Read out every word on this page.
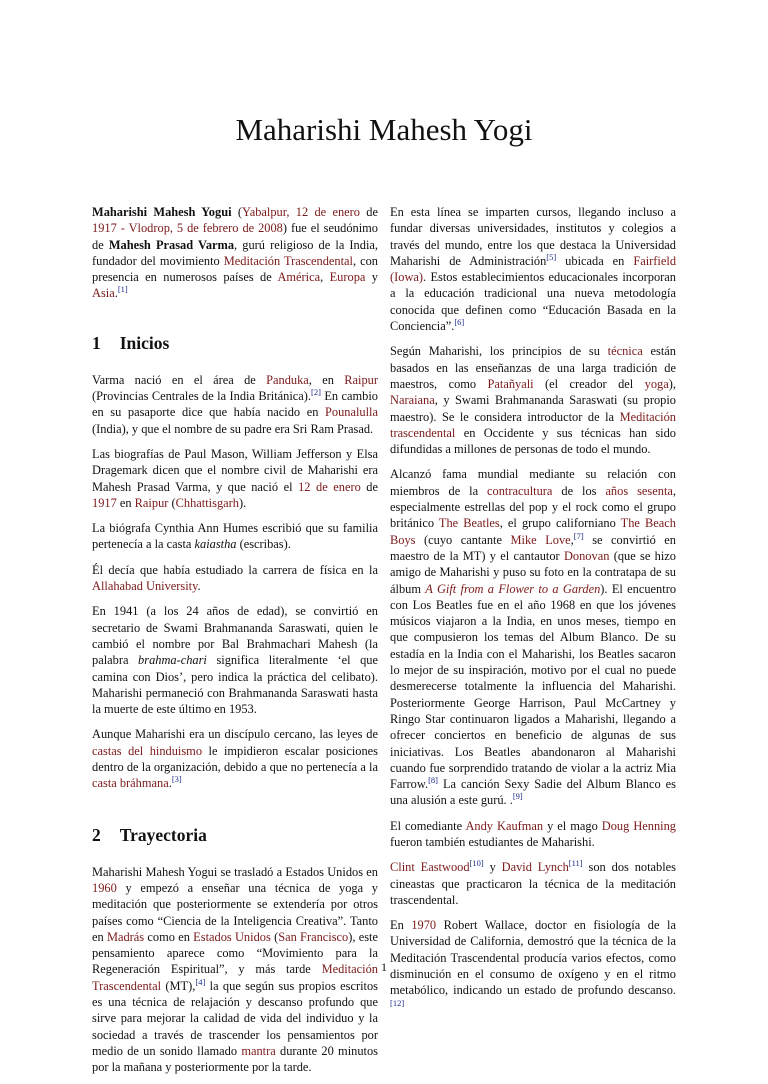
Maharishi Mahesh Yogi

Maharishi Mahesh Yogui (Yabalpur, 12 de enero de 1917 - Vlodrop, 5 de febrero de 2008) fue el seudónimo de Mahesh Prasad Varma, gurú religioso de la India, fundador del movimiento Meditación Trascendental, con presencia en numerosos países de América, Europa y Asia.[1]

1 Inicios

Varma nació en el área de Panduka, en Raipur (Provincias Centrales de la India Británica).[2] En cambio en su pasaporte dice que había nacido en Pounalulla (India), y que el nombre de su padre era Sri Ram Prasad.

Las biografías de Paul Mason, William Jefferson y Elsa Dragemark dicen que el nombre civil de Maharishi era Mahesh Prasad Varma, y que nació el 12 de enero de 1917 en Raipur (Chhattisgarh).

La biógrafa Cynthia Ann Humes escribió que su familia pertenecía a la casta kaiastha (escribas).

Él decía que había estudiado la carrera de física en la Allahabad University.

En 1941 (a los 24 años de edad), se convirtió en secretario de Swami Brahmananda Saraswati, quien le cambió el nombre por Bal Brahmachari Mahesh (la palabra brahma-chari significa literalmente ‘el que camina con Dios’, pero indica la práctica del celibato). Maharishi permaneció con Brahmananda Saraswati hasta la muerte de este último en 1953.

Aunque Maharishi era un discípulo cercano, las leyes de castas del hinduismo le impidieron escalar posiciones dentro de la organización, debido a que no pertenecía a la casta bráhmana.[3]

2 Trayectoria

Maharishi Mahesh Yogui se trasladó a Estados Unidos en 1960 y empezó a enseñar una técnica de yoga y meditación que posteriormente se extendería por otros países como “Ciencia de la Inteligencia Creativa”. Tanto en Madrás como en Estados Unidos (San Francisco), este pensamiento aparece como “Movimiento para la Regeneración Espiritual”, y más tarde Meditación Trascendental (MT),[4] la que según sus propios escritos es una técnica de relajación y descanso profundo que sirve para mejorar la calidad de vida del individuo y la sociedad a través de trascender los pensamientos por medio de un sonido llamado mantra durante 20 minutos por la mañana y posteriormente por la tarde.

En esta línea se imparten cursos, llegando incluso a fundar diversas universidades, institutos y colegios a través del mundo, entre los que destaca la Universidad Maharishi de Administración[5] ubicada en Fairfield (Iowa). Estos establecimientos educacionales incorporan a la educación tradicional una nueva metodología conocida que definen como “Educación Basada en la Conciencia”.[6]

Según Maharishi, los principios de su técnica están basados en las enseñanzas de una larga tradición de maestros, como Patañyali (el creador del yoga), Naraiana, y Swami Brahmananda Saraswati (su propio maestro). Se le considera introductor de la Meditación trascendental en Occidente y sus técnicas han sido difundidas a millones de personas de todo el mundo.

Alcanzó fama mundial mediante su relación con miembros de la contracultura de los años sesenta, especialmente estrellas del pop y el rock como el grupo británico The Beatles, el grupo californiano The Beach Boys (cuyo cantante Mike Love,[7] se convirtió en maestro de la MT) y el cantautor Donovan (que se hizo amigo de Maharishi y puso su foto en la contratapa de su álbum A Gift from a Flower to a Garden). El encuentro con Los Beatles fue en el año 1968 en que los jóvenes músicos viajaron a la India, en unos meses, tiempo en que compusieron los temas del Album Blanco. De su estadía en la India con el Maharishi, los Beatles sacaron lo mejor de su inspiración, motivo por el cual no puede desmerecerse totalmente la influencia del Maharishi. Posteriormente George Harrison, Paul McCartney y Ringo Star continuaron ligados a Maharishi, llegando a ofrecer conciertos en beneficio de algunas de sus iniciativas. Los Beatles abandonaron al Maharishi cuando fue sorprendido tratando de violar a la actriz Mia Farrow.[8] La canción Sexy Sadie del Album Blanco es una alusión a este gurú. .[9]

El comediante Andy Kaufman y el mago Doug Henning fueron también estudiantes de Maharishi.

Clint Eastwood[10] y David Lynch[11] son dos notables cineastas que practicaron la técnica de la meditación trascendental.

En 1970 Robert Wallace, doctor en fisiología de la Universidad de California, demostró que la técnica de la Meditación Trascendental producía varios efectos, como disminución en el consumo de oxígeno y en el ritmo metabólico, indicando un estado de profundo descanso.[12]

1
